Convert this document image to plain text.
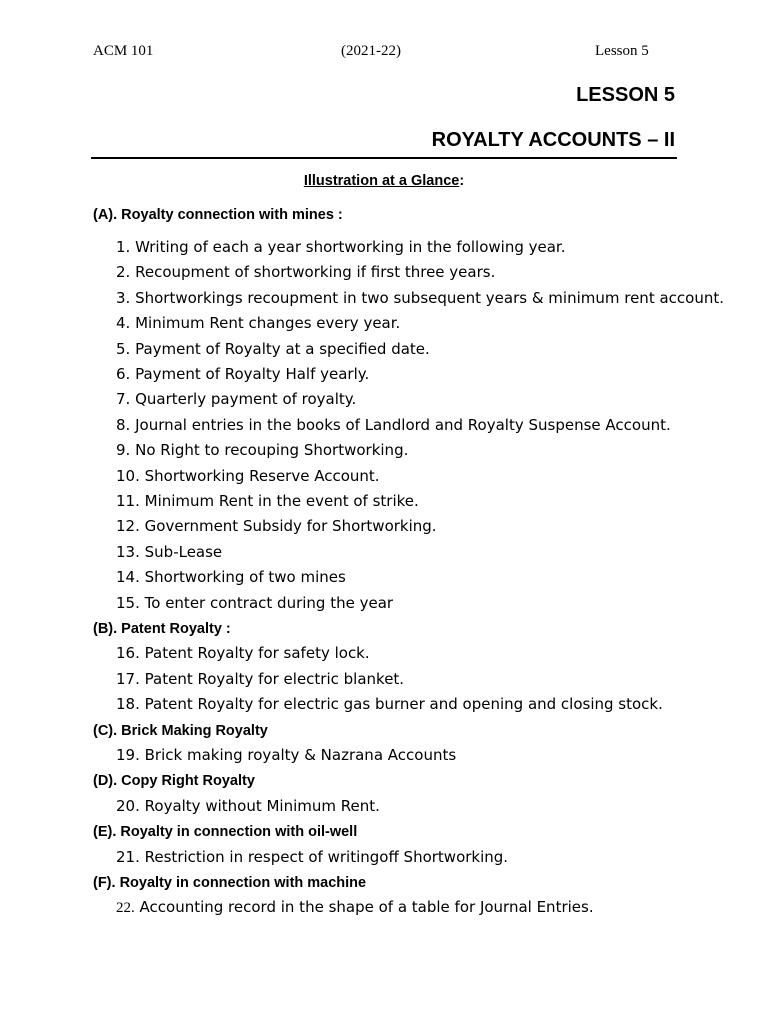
ACM 101	(2021-22)	Lesson 5
LESSON 5
ROYALTY ACCOUNTS – II
Illustration at a Glance:
(A). Royalty connection with mines :
1. Writing of each a year shortworking in the following year.
2. Recoupment of shortworking if first three years.
3. Shortworkings recoupment in two subsequent years & minimum rent account.
4. Minimum Rent changes every year.
5. Payment of Royalty at a specified date.
6. Payment of Royalty Half yearly.
7. Quarterly payment of royalty.
8. Journal entries in the books of Landlord and Royalty Suspense Account.
9. No Right to recouping Shortworking.
10. Shortworking Reserve Account.
11. Minimum Rent in the event of strike.
12. Government Subsidy for Shortworking.
13. Sub-Lease
14. Shortworking of two mines
15. To enter contract during the year
(B). Patent Royalty :
16. Patent Royalty for safety lock.
17. Patent Royalty for electric blanket.
18. Patent Royalty for electric gas burner and opening and closing stock.
(C). Brick Making Royalty
19. Brick making royalty & Nazrana Accounts
(D). Copy Right Royalty
20. Royalty without Minimum Rent.
(E). Royalty in connection with oil-well
21. Restriction in respect of writingoff Shortworking.
(F). Royalty in connection with machine
22. Accounting record in the shape of a table for Journal Entries.
